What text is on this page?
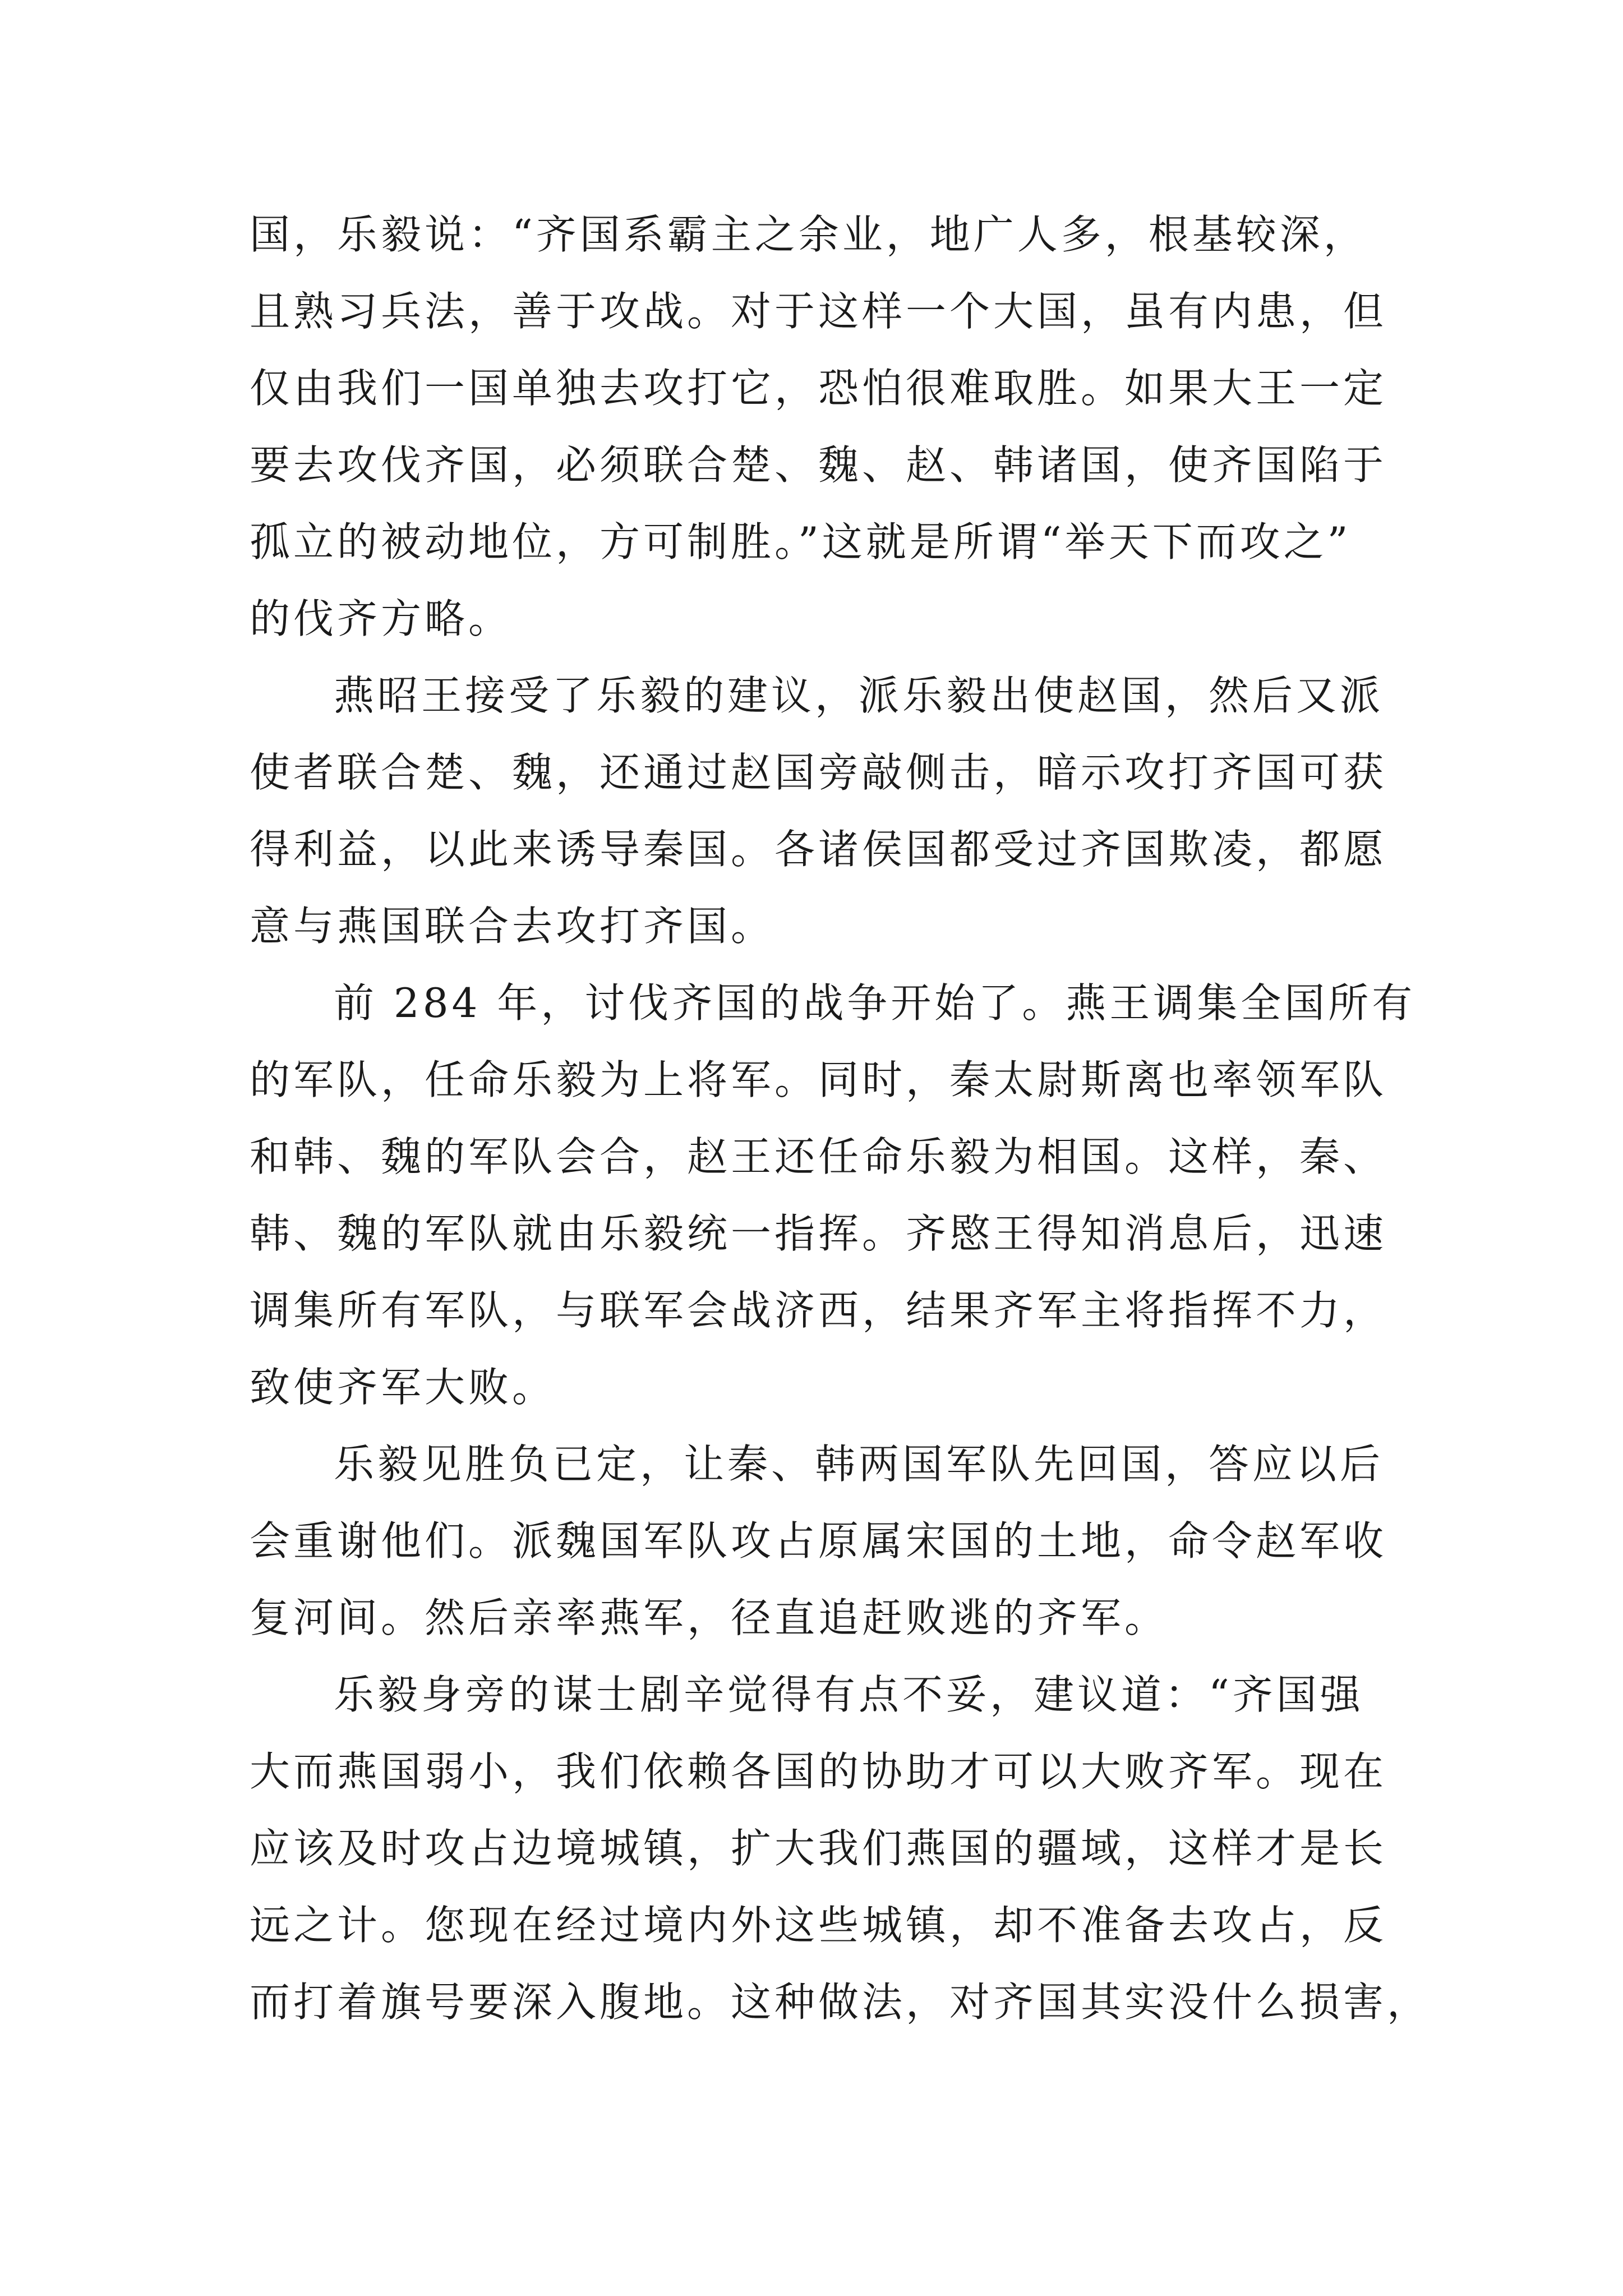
国，乐毅说：“齐国系霸主之余业，地广人多，根基较深，
且熟习兵法，善于攻战。对于这样一个大国，虽有内患，但
仅由我们一国单独去攻打它，恐怕很难取胜。如果大王一定
要去攻伐齐国，必须联合楚、魏、赵、韩诸国，使齐国陷于
孤立的被动地位，方可制胜。”这就是所谓“举天下而攻之”
的伐齐方略。
燕昭王接受了乐毅的建议，派乐毅出使赵国，然后又派
使者联合楚、魏，还通过赵国旁敲侧击，暗示攻打齐国可获
得利益，以此来诱导秦国。各诸侯国都受过齐国欺凌，都愿
意与燕国联合去攻打齐国。
前 284 年，讨伐齐国的战争开始了。燕王调集全国所有
的军队，任命乐毅为上将军。同时，秦太尉斯离也率领军队
和韩、魏的军队会合，赵王还任命乐毅为相国。这样，秦、
韩、魏的军队就由乐毅统一指挥。齐愍王得知消息后，迅速
调集所有军队，与联军会战济西，结果齐军主将指挥不力，
致使齐军大败。
乐毅见胜负已定，让秦、韩两国军队先回国，答应以后
会重谢他们。派魏国军队攻占原属宋国的土地，命令赵军收
复河间。然后亲率燕军，径直追赶败逃的齐军。
乐毅身旁的谋士剧辛觉得有点不妥，建议道：“齐国强
大而燕国弱小，我们依赖各国的协助才可以大败齐军。现在
应该及时攻占边境城镇，扩大我们燕国的疆域，这样才是长
远之计。您现在经过境内外这些城镇，却不准备去攻占，反
而打着旗号要深入腹地。这种做法，对齐国其实没什么损害，
